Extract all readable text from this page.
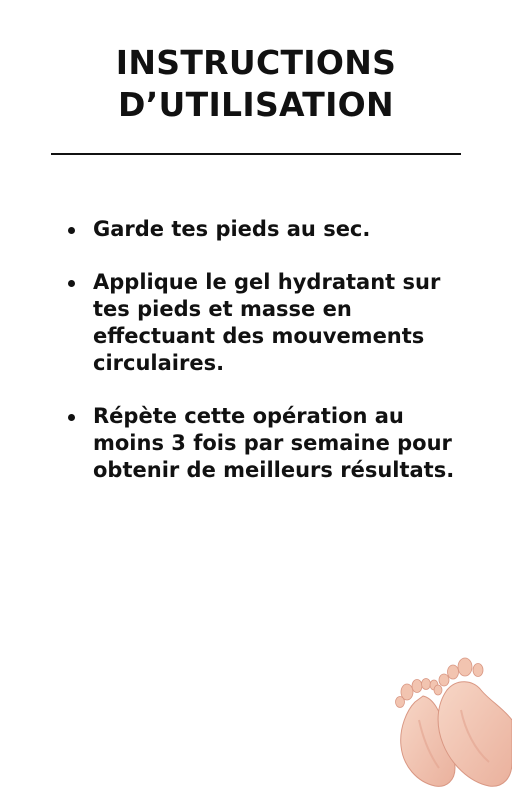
INSTRUCTIONS
D’UTILISATION
Garde tes pieds au sec.
Applique le gel hydratant sur tes pieds et masse en effectuant des mouvements circulaires.
Répète cette opération au moins 3 fois par semaine pour obtenir de meilleurs résultats.
